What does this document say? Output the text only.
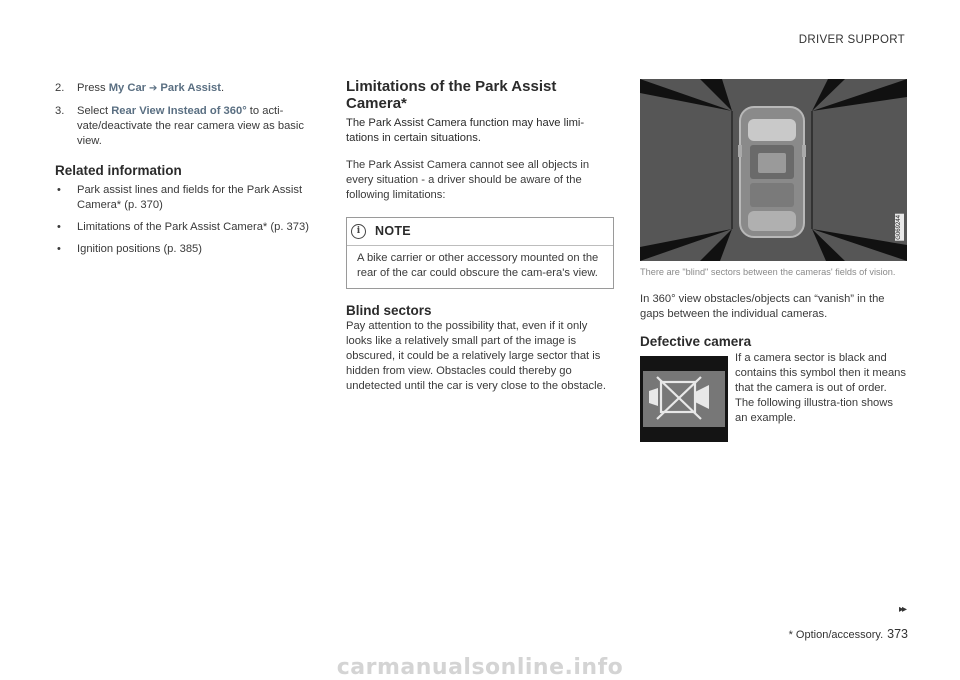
DRIVER SUPPORT
2. Press My Car ➔ Park Assist.
3. Select Rear View Instead of 360° to acti-vate/deactivate the rear camera view as basic view.
Related information
• Park assist lines and fields for the Park Assist Camera* (p. 370)
• Limitations of the Park Assist Camera* (p. 373)
• Ignition positions (p. 385)
Limitations of the Park Assist Camera*

The Park Assist Camera function may have limi-tations in certain situations.

The Park Assist Camera cannot see all objects in every situation - a driver should be aware of the following limitations:

i	NOTE
A bike carrier or other accessory mounted on the rear of the car could obscure the cam-era's view.
Blind sectors

Pay attention to the possibility that, even if it only looks like a relatively small part of the image is obscured, it could be a relatively large sector that is hidden from view. Obstacles could thereby go undetected until the car is very close to the obstacle.

G069244

There are "blind" sectors between the cameras' fields of vision.

In 360° view obstacles/objects can “vanish” in the gaps between the individual cameras.

Defective camera

If a camera sector is black and contains this symbol then it means that the camera is out of order. The following illustra-tion shows an example.

▸▸
* Option/accessory. 373
carmanualsonline.info
